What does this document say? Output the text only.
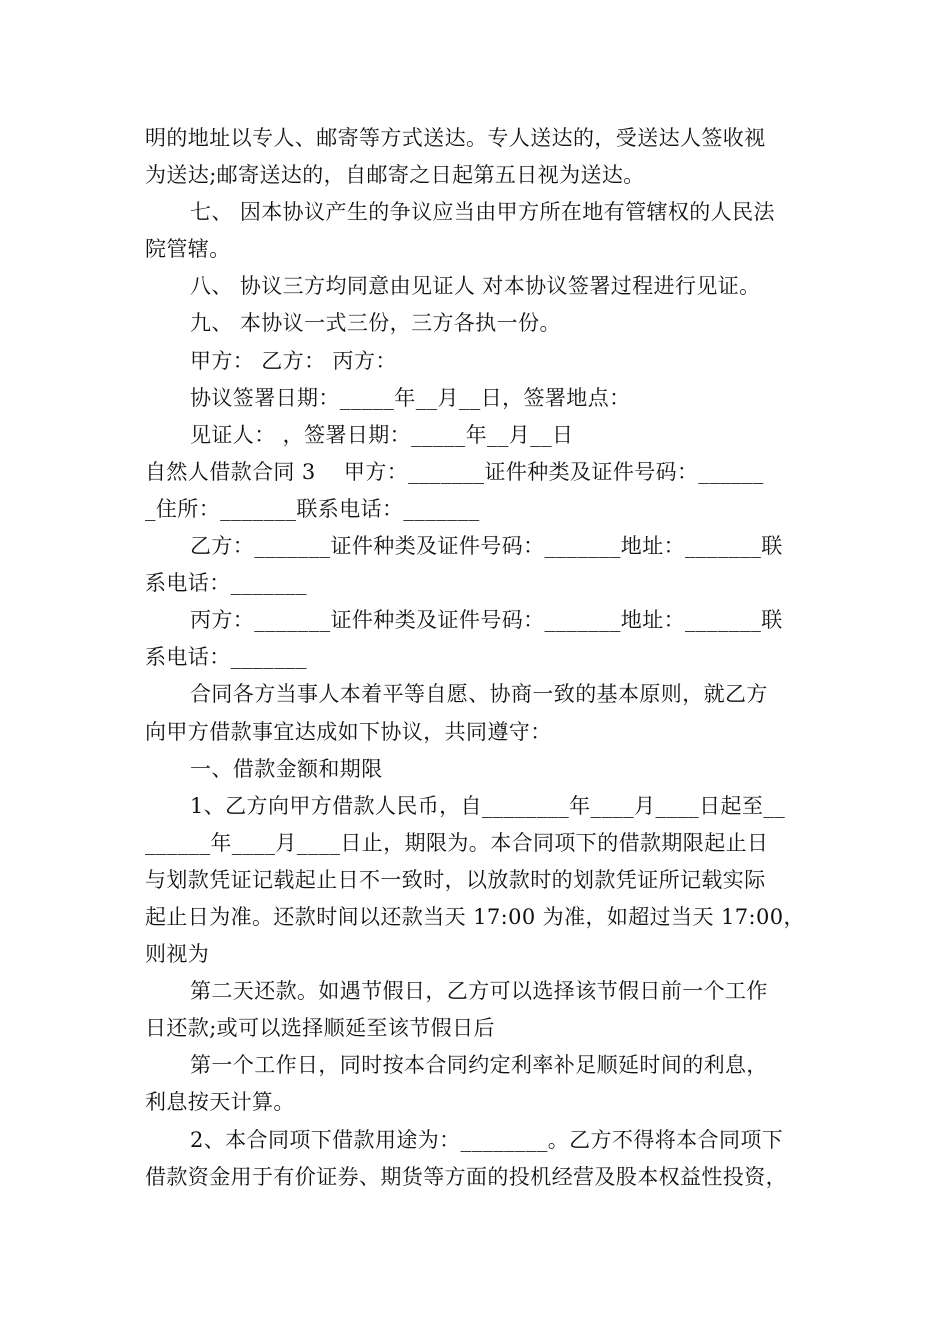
明的地址以专人、邮寄等方式送达。专人送达的，受送达人签收视
为送达;邮寄送达的，自邮寄之日起第五日视为送达。
七、 因本协议产生的争议应当由甲方所在地有管辖权的人民法
院管辖。
八、 协议三方均同意由见证人 对本协议签署过程进行见证。
九、 本协议一式三份，三方各执一份。
甲方： 乙方： 丙方：
协议签署日期：_____年__月__日，签署地点：
见证人： ，签署日期：_____年__月__日
自然人借款合同 3    甲方：_______证件种类及证件号码：______
_住所：_______联系电话：_______
乙方：_______证件种类及证件号码：_______地址：_______联
系电话：_______
丙方：_______证件种类及证件号码：_______地址：_______联
系电话：_______
合同各方当事人本着平等自愿、协商一致的基本原则，就乙方
向甲方借款事宜达成如下协议，共同遵守：
一、借款金额和期限
1、乙方向甲方借款人民币，自________年____月____日起至__
______年____月____日止，期限为。本合同项下的借款期限起止日
与划款凭证记载起止日不一致时，以放款时的划款凭证所记载实际
起止日为准。还款时间以还款当天 17:00 为准，如超过当天 17:00，
则视为
第二天还款。如遇节假日，乙方可以选择该节假日前一个工作
日还款;或可以选择顺延至该节假日后
第一个工作日，同时按本合同约定利率补足顺延时间的利息，
利息按天计算。
2、本合同项下借款用途为：________。乙方不得将本合同项下
借款资金用于有价证券、期货等方面的投机经营及股本权益性投资，
